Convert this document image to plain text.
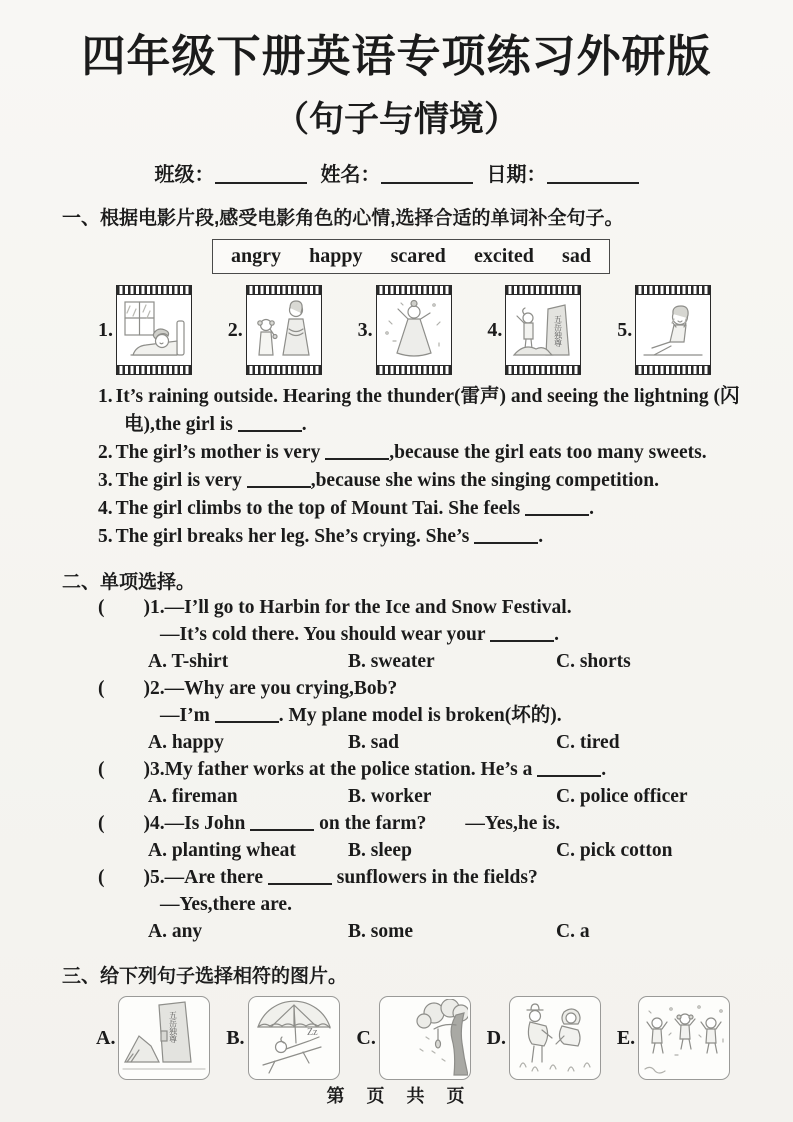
四年级下册英语专项练习外研版
（句子与情境）
班级：	姓名：	日期：
一、根据电影片段,感受电影角色的心情,选择合适的单词补全句子。
angry happy scared excited sad
1.	2.	3.	4.	五岳独尊	5.
1. It’s raining outside. Hearing the thunder(雷声) and seeing the lightning (闪电),the girl is	.
2. The girl’s mother is very	,because the girl eats too many sweets.
3. The girl is very	,because she wins the singing competition.
4. The girl climbs to the top of Mount Tai. She feels	.
5. The girl breaks her leg. She’s crying. She’s	.
二、单项选择。
(　　)1.—I’ll go to Harbin for the Ice and Snow Festival.
—It’s cold there. You should wear your	.
A. T-shirt	B. sweater	C. shorts
(　　)2.—Why are you crying,Bob?
—I’m	. My plane model is broken(坏的).
A. happy	B. sad	C. tired
(　　)3.My father works at the police station. He’s a	.
A. fireman	B. worker	C. police officer
(　　)4.—Is John	on the farm?　　—Yes,he is.
A. planting wheat	B. sleep	C. pick cotton
(　　)5.—Are there	sunflowers in the fields?
—Yes,there are.
A. any	B. some	C. a
三、给下列句子选择相符的图片。
A.	五岳独尊 B.	Zz C.	D.	E.
第　页　共　页
